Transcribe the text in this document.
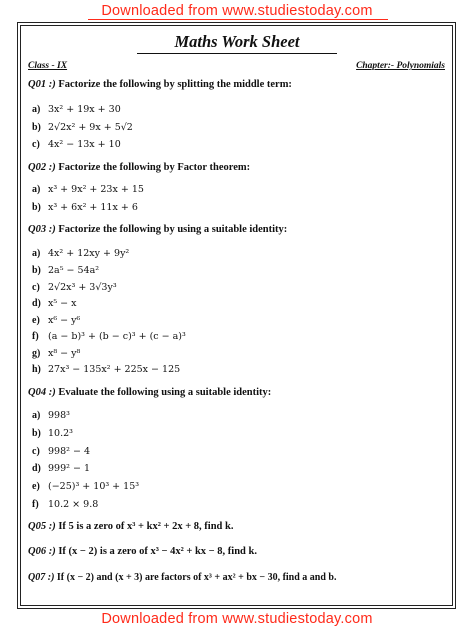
Downloaded from www.studiestoday.com
Maths Work Sheet
Class - IX	Chapter:- Polynomials
Q01 :) Factorize the following by splitting the middle term:
a) 3x² + 19x + 30
b) 2√2x² + 9x + 5√2
c) 4x² − 13x + 10
Q02 :) Factorize the following by Factor theorem:
a) x³ + 9x² + 23x + 15
b) x³ + 6x² + 11x + 6
Q03 :) Factorize the following by using a suitable identity:
a) 4x² + 12xy + 9y²
b) 2a⁵ − 54a²
c) 2√2x³ + 3√3y³
d) x⁵ − x
e) x⁶ − y⁶
f) (a − b)³ + (b − c)³ + (c − a)³
g) x⁸ − y⁸
h) 27x³ − 135x² + 225x − 125
Q04 :) Evaluate the following using a suitable identity:
a) 998³
b) 10.2³
c) 998² − 4
d) 999² − 1
e) (−25)³ + 10³ + 15³
f) 10.2 × 9.8
Q05 :) If 5 is a zero of x³ + kx² + 2x + 8, find k.
Q06 :) If (x − 2) is a zero of x³ − 4x² + kx − 8, find k.
Q07 :) If (x − 2) and (x + 3) are factors of x³ + ax² + bx − 30, find a and b.
Downloaded from www.studiestoday.com
